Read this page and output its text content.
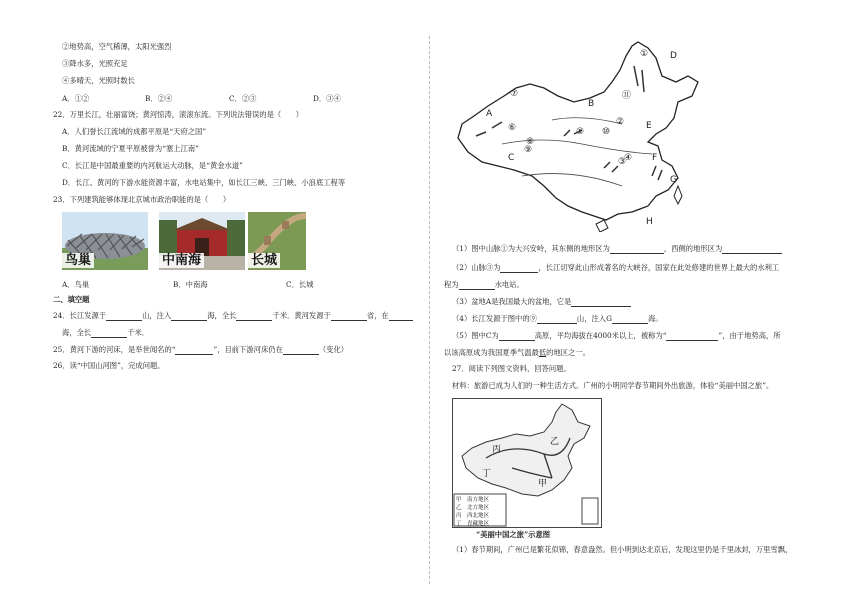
②地势高，空气稀薄，太阳光强烈
③降水多，光照充足
④多晴天，光照时数长
A．①②	B．②④	C．②③	D．③④
22．万里长江，壮丽富饶；黄河惊涛，滚滚东流。下列说法错误的是（　　）
A．人们誉长江流域的成都平原是“天府之国”
B．黄河流域的宁夏平原被誉为“塞上江南”
C．长江是中国最重要的内河航运大动脉，是“黄金水道”
D．长江、黄河的下游水能资源丰富，水电站集中，如长江三峡、三门峡、小浪底工程等
23．下列建筑能够体现北京城市政治职能的是（　　）
鸟巢	中南海	长城
A．鸟巢	B．中南海	C．长城
二、填空题
24．长江发源于	山，注入	海，全长	千米．黄河发源于	省，在
海，全长	千米．
25．黄河下游的河床，是举世闻名的“	”，目前下游河床仍在	（变化）
26．读“中国山河图”，完成问题。
D
A
B
C
E
F
G
H
①
②
③
④
⑤
⑥
⑦
⑧
⑨
⑩
⑪
（1）图中山脉①为大兴安岭，其东侧的地形区为	，西侧的地形区为
（2）山脉③为	，长江切穿此山形成著名的大峡谷，国家在此处修建的世界上最大的水利工
程为	水电站。
（3）盆地A是我国最大的盆地，它是
（4）长江发源于图中的⑨	山，注入G	海。
（5）图中C为	高原，平均海拔在4000米以上，被称为“	”，由于地势高，所
以该高原成为我国夏季气温最低的地区之一。
27．阅读下列图文资料，回答问题。
材料：旅游已成为人们的一种生活方式。广州的小明同学春节期间外出旅游，体验“美丽中国之旅”。
丙
乙
丁
甲
甲　南方地区
乙　北方地区
丙　西北地区
丁　青藏地区
“美丽中国之旅”示意图
（1）春节期间，广州已是繁花似锦，春意盎然。但小明到达北京后，发现这里仍是千里冰封，万里雪飘，
